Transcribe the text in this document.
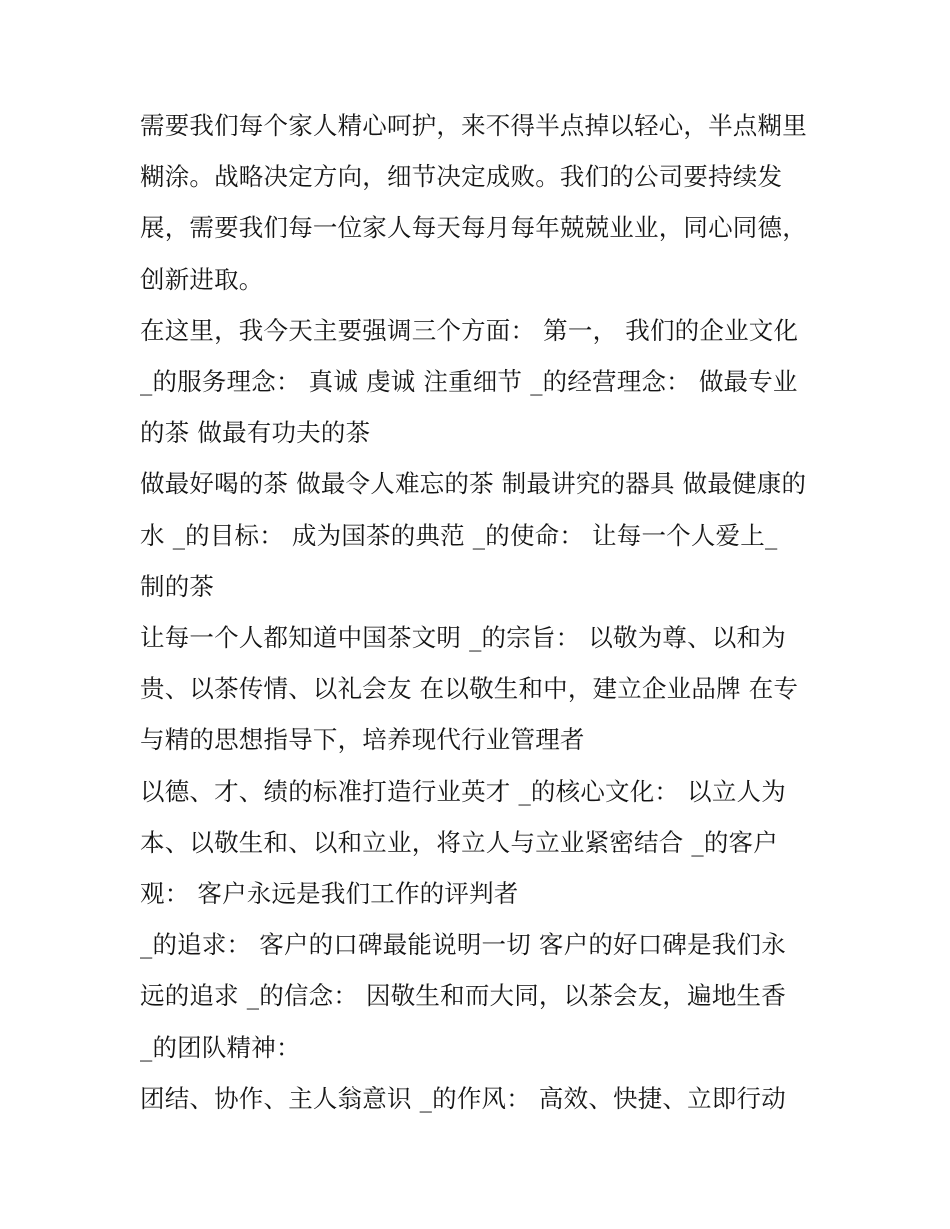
需要我们每个家人精心呵护，来不得半点掉以轻心，半点糊里
糊涂。战略决定方向，细节决定成败。我们的公司要持续发
展，需要我们每一位家人每天每月每年兢兢业业，同心同德，
创新进取。
在这里，我今天主要强调三个方面： 第一， 我们的企业文化
_的服务理念： 真诚 虔诚 注重细节 _的经营理念： 做最专业
的茶 做最有功夫的茶
做最好喝的茶 做最令人难忘的茶 制最讲究的器具 做最健康的
水 _的目标： 成为国茶的典范 _的使命： 让每一个人爱上_
制的茶
让每一个人都知道中国茶文明 _的宗旨： 以敬为尊、以和为
贵、以茶传情、以礼会友 在以敬生和中，建立企业品牌 在专
与精的思想指导下，培养现代行业管理者
以德、才、绩的标准打造行业英才 _的核心文化： 以立人为
本、以敬生和、以和立业，将立人与立业紧密结合 _的客户
观： 客户永远是我们工作的评判者
_的追求： 客户的口碑最能说明一切 客户的好口碑是我们永
远的追求 _的信念： 因敬生和而大同，以茶会友，遍地生香
_的团队精神：
团结、协作、主人翁意识 _的作风： 高效、快捷、立即行动
